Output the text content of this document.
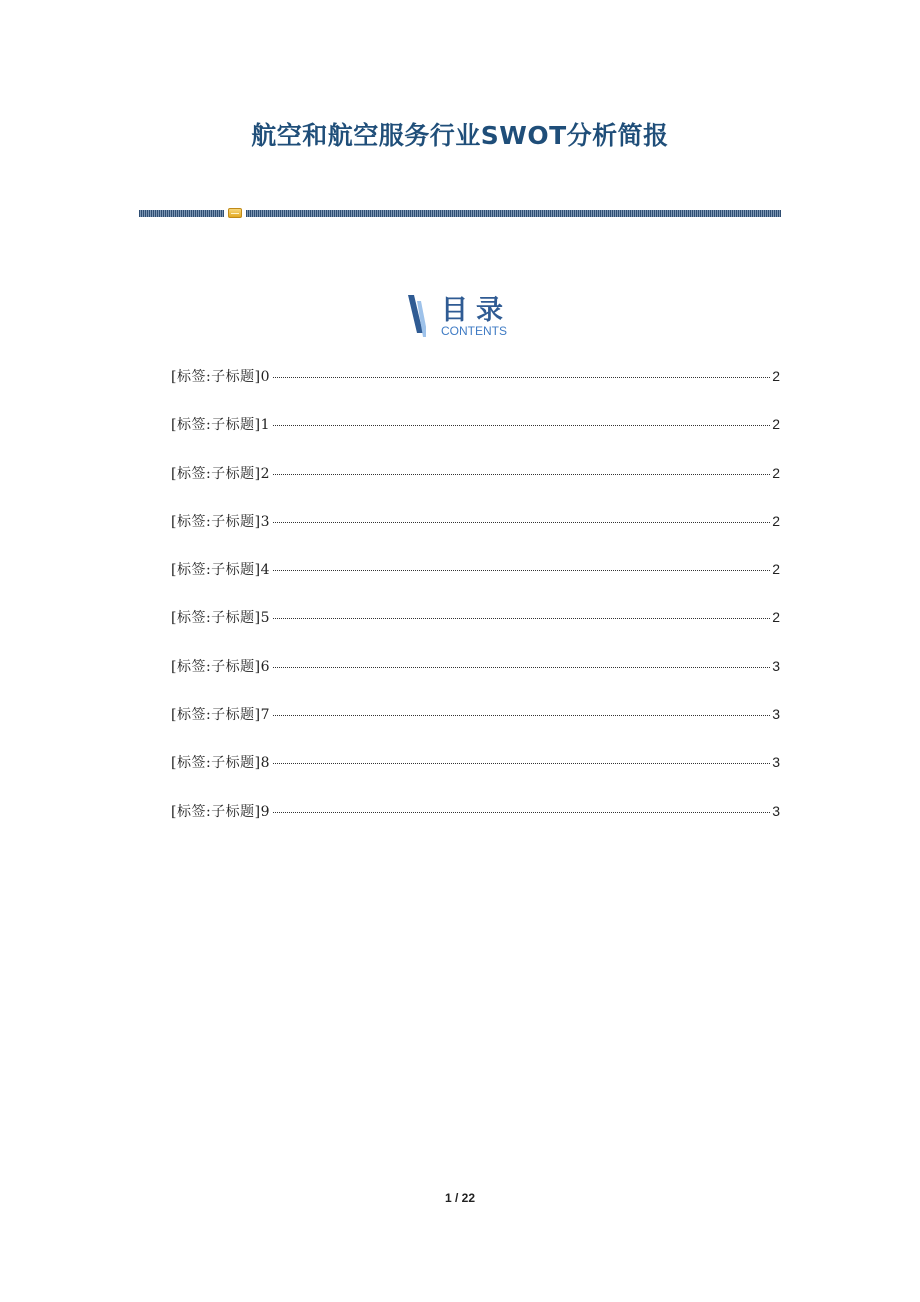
航空和航空服务行业SWOT分析简报
目录
CONTENTS
[标签:子标题]0	2
[标签:子标题]1	2
[标签:子标题]2	2
[标签:子标题]3	2
[标签:子标题]4	2
[标签:子标题]5	2
[标签:子标题]6	3
[标签:子标题]7	3
[标签:子标题]8	3
[标签:子标题]9	3
1 / 22
